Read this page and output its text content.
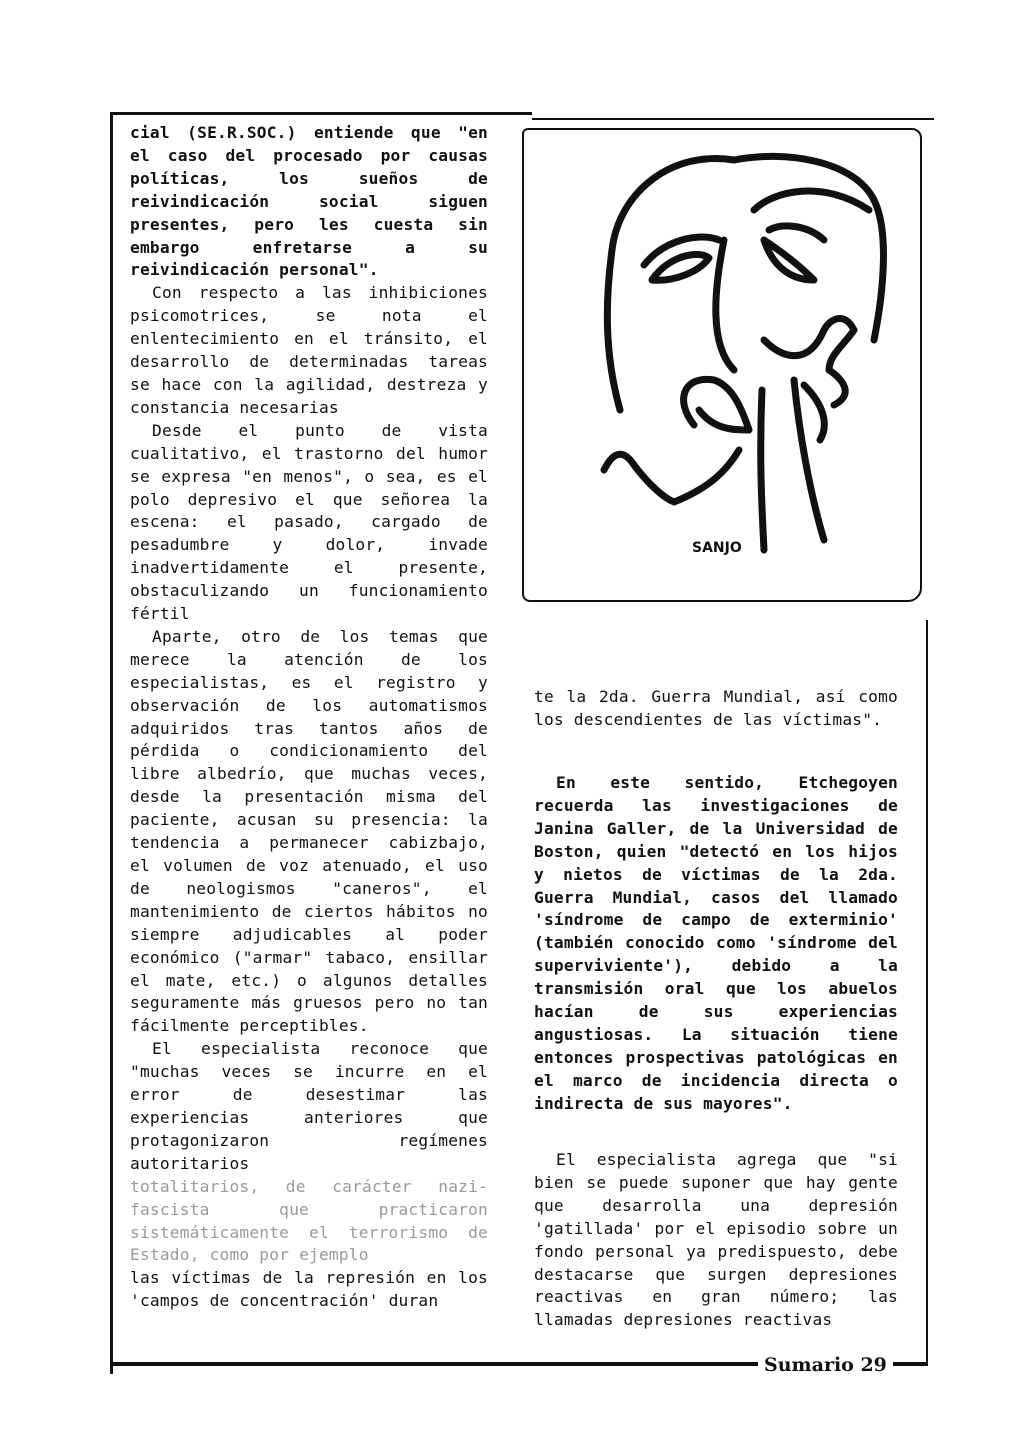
cial (SE.R.SOC.) entiende que "en el caso del procesado por causas políticas, los sueños de reivindicación social siguen presentes, pero les cuesta sin embargo enfretarse a su reivindicación personal".

Con respecto a las inhibiciones psicomotrices, se nota el enlentecimiento en el tránsito, el desarrollo de determinadas tareas se hace con la agilidad, destreza y constancia necesarias

Desde el punto de vista cualitativo, el trastorno del humor se expresa "en menos", o sea, es el polo depresivo el que señorea la escena: el pasado, cargado de pesadumbre y dolor, invade inadvertidamente el presente, obstaculizando un funcionamiento fértil

Aparte, otro de los temas que merece la atención de los especialistas, es el registro y observación de los automatismos adquiridos tras tantos años de pérdida o condicionamiento del libre albedrío, que muchas veces, desde la presentación misma del paciente, acusan su presencia: la tendencia a permanecer cabizbajo, el volumen de voz atenuado, el uso de neologismos "caneros", el mantenimiento de ciertos hábitos no siempre adjudicables al poder económico ("armar" tabaco, ensillar el mate, etc.) o algunos detalles seguramente más gruesos pero no tan fácilmente perceptibles.

El especialista reconoce que "muchas veces se incurre en el error de desestimar las experiencias anteriores que protagonizaron regímenes autoritarios

totalitarios, de carácter nazi-fascista que practicaron sistemáticamente el terrorismo de Estado, como por ejemplo

las víctimas de la represión en los 'campos de concentración' duran

SANJO

te la 2da. Guerra Mundial, así como los descendientes de las víctimas".

En este sentido, Etchegoyen recuerda las investigaciones de Janina Galler, de la Universidad de Boston, quien "detectó en los hijos y nietos de víctimas de la 2da. Guerra Mundial, casos del llamado 'síndrome de campo de exterminio' (también conocido como 'síndrome del superviviente'), debido a la transmisión oral que los abuelos hacían de sus experiencias angustiosas. La situación tiene entonces prospectivas patológicas en el marco de incidencia directa o indirecta de sus mayores".

El especialista agrega que "si bien se puede suponer que hay gente que desarrolla una depresión 'gatillada' por el episodio sobre un fondo personal ya predispuesto, debe destacarse que surgen depresiones reactivas en gran número; las llamadas depresiones reactivas

Sumario 29
